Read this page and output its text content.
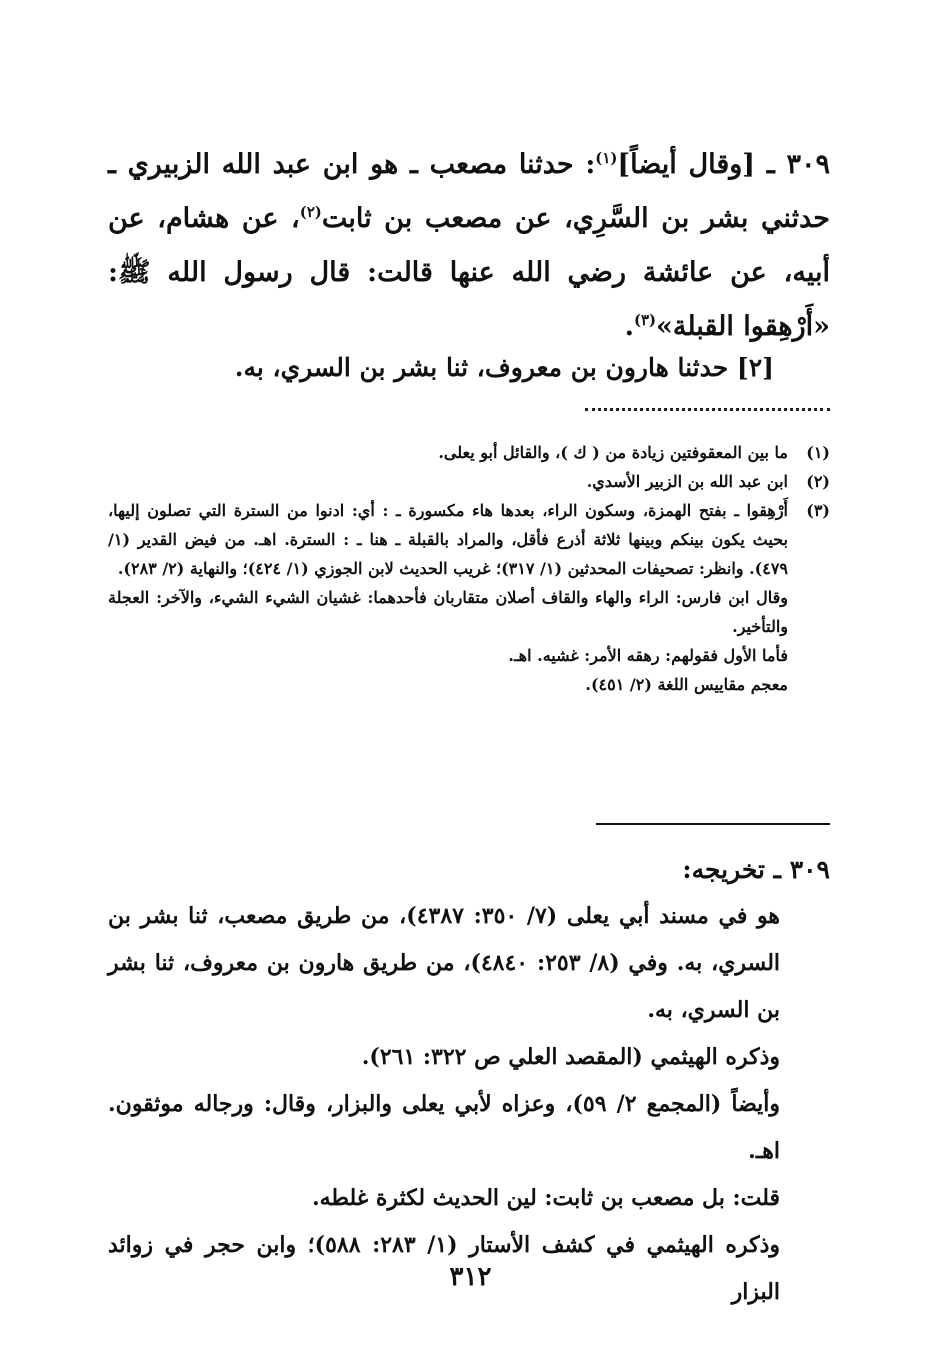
٣٠٩ ـ [وقال أيضاً]$^{(١)}$: حدثنا مصعب ـ هو ابن عبد الله الزبيري ـ حدثني بشر بن السَّرِي، عن مصعب بن ثابت$^{(٢)}$، عن هشام، عن أبيه، عن عائشة رضي الله عنها قالت: قال رسول الله ﷺ: «أَرْهِقوا القبلة»$^{(٣)}$.
[٢] حدثنا هارون بن معروف، ثنا بشر بن السري، به.
(١)
ما بين المعقوفتين زيادة من ( ك )، والقائل أبو يعلى.
(٢)
ابن عبد الله بن الزبير الأسدي.
(٣)
أَرْهِقوا ـ بفتح الهمزة، وسكون الراء، بعدها هاء مكسورة ـ : أي: ادنوا من السترة التي تصلون إليها، بحيث يكون بينكم وبينها ثلاثة أذرع فأقل، والمراد بالقبلة ـ هنا ـ : السترة. اهـ. من فيض القدير (١/ ٤٧٩). وانظر: تصحيفات المحدثين (١/ ٣١٧)؛ غريب الحديث لابن الجوزي (١/ ٤٢٤)؛ والنهاية (٢/ ٢٨٣).
وقال ابن فارس: الراء والهاء والقاف أصلان متقاربان فأحدهما: غشيان الشيء الشيء، والآخر: العجلة والتأخير.
فأما الأول فقولهم: رهقه الأمر: غشيه. اهـ.
معجم مقاييس اللغة (٢/ ٤٥١).
٣٠٩ ـ تخريجه:
هو في مسند أبي يعلى (٧/ ٣٥٠: ٤٣٨٧)، من طريق مصعب، ثنا بشر بن السري، به. وفي (٨/ ٢٥٣: ٤٨٤٠)، من طريق هارون بن معروف، ثنا بشر بن السري، به.
وذكره الهيثمي (المقصد العلي ص ٣٢٢: ٢٦١).
وأيضاً (المجمع ٢/ ٥٩)، وعزاه لأبي يعلى والبزار، وقال: ورجاله موثقون. اهـ.
قلت: بل مصعب بن ثابت: لين الحديث لكثرة غلطه.
وذكره الهيثمي في كشف الأستار (١/ ٢٨٣: ٥٨٨)؛ وابن حجر في زوائد البزار
٣١٢
